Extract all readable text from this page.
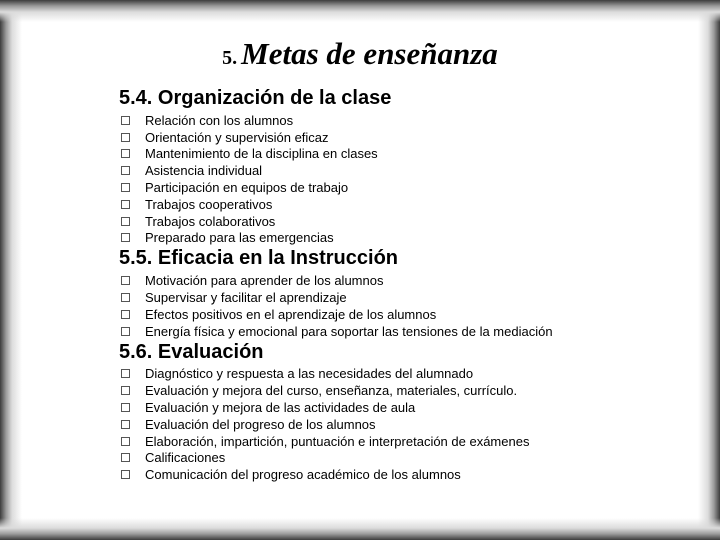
5. Metas de enseñanza
5.4. Organización de la clase
Relación con los alumnos
Orientación y supervisión eficaz
Mantenimiento de la disciplina en clases
Asistencia individual
Participación en equipos de trabajo
Trabajos cooperativos
Trabajos colaborativos
Preparado para las emergencias
5.5. Eficacia en la Instrucción
Motivación para aprender de los alumnos
Supervisar y facilitar el aprendizaje
Efectos positivos en el aprendizaje de los alumnos
Energía física y emocional para soportar las tensiones de la mediación
5.6. Evaluación
Diagnóstico y respuesta a las necesidades del alumnado
Evaluación y mejora del curso, enseñanza, materiales, currículo.
Evaluación y mejora de las actividades de aula
Evaluación del progreso de los alumnos
Elaboración, impartición, puntuación e interpretación de exámenes
Calificaciones
Comunicación del progreso académico de los alumnos
